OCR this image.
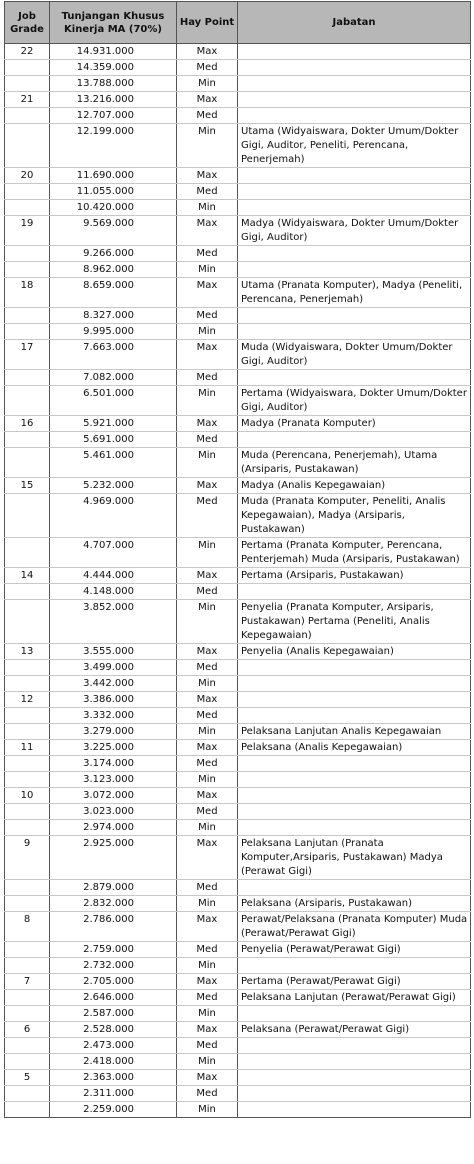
Job Grade	Tunjangan Khusus Kinerja MA (70%)	Hay Point	Jabatan
22	14.931.000	Max	
	14.359.000	Med	
	13.788.000	Min	
21	13.216.000	Max	
	12.707.000	Med	
	12.199.000	Min	Utama (Widyaiswara, Dokter Umum/Dokter Gigi, Auditor, Peneliti, Perencana, Penerjemah)
20	11.690.000	Max	
	11.055.000	Med	
	10.420.000	Min	
19	9.569.000	Max	Madya (Widyaiswara, Dokter Umum/Dokter Gigi, Auditor)
	9.266.000	Med	
	8.962.000	Min	
18	8.659.000	Max	Utama (Pranata Komputer), Madya (Peneliti, Perencana, Penerjemah)
	8.327.000	Med	
	9.995.000	Min	
17	7.663.000	Max	Muda (Widyaiswara, Dokter Umum/Dokter Gigi, Auditor)
	7.082.000	Med	
	6.501.000	Min	Pertama (Widyaiswara, Dokter Umum/Dokter Gigi, Auditor)
16	5.921.000	Max	Madya (Pranata Komputer)
	5.691.000	Med	
	5.461.000	Min	Muda (Perencana, Penerjemah), Utama (Arsiparis, Pustakawan)
15	5.232.000	Max	Madya (Analis Kepegawaian)
	4.969.000	Med	Muda (Pranata Komputer, Peneliti, Analis Kepegawaian), Madya (Arsiparis, Pustakawan)
	4.707.000	Min	Pertama (Pranata Komputer, Perencana, Penterjemah) Muda (Arsiparis, Pustakawan)
14	4.444.000	Max	Pertama (Arsiparis, Pustakawan)
	4.148.000	Med	
	3.852.000	Min	Penyelia (Pranata Komputer, Arsiparis, Pustakawan) Pertama (Peneliti, Analis Kepegawaian)
13	3.555.000	Max	Penyelia (Analis Kepegawaian)
	3.499.000	Med	
	3.442.000	Min	
12	3.386.000	Max	
	3.332.000	Med	
	3.279.000	Min	Pelaksana Lanjutan Analis Kepegawaian
11	3.225.000	Max	Pelaksana (Analis Kepegawaian)
	3.174.000	Med	
	3.123.000	Min	
10	3.072.000	Max	
	3.023.000	Med	
	2.974.000	Min	
9	2.925.000	Max	Pelaksana Lanjutan (Pranata Komputer,Arsiparis, Pustakawan) Madya (Perawat Gigi)
	2.879.000	Med	
	2.832.000	Min	Pelaksana (Arsiparis, Pustakawan)
8	2.786.000	Max	Perawat/Pelaksana (Pranata Komputer) Muda (Perawat/Perawat Gigi)
	2.759.000	Med	Penyelia (Perawat/Perawat Gigi)
	2.732.000	Min	
7	2.705.000	Max	Pertama (Perawat/Perawat Gigi)
	2.646.000	Med	Pelaksana Lanjutan (Perawat/Perawat Gigi)
	2.587.000	Min	
6	2.528.000	Max	Pelaksana (Perawat/Perawat Gigi)
	2.473.000	Med	
	2.418.000	Min	
5	2.363.000	Max	
	2.311.000	Med	
	2.259.000	Min	
